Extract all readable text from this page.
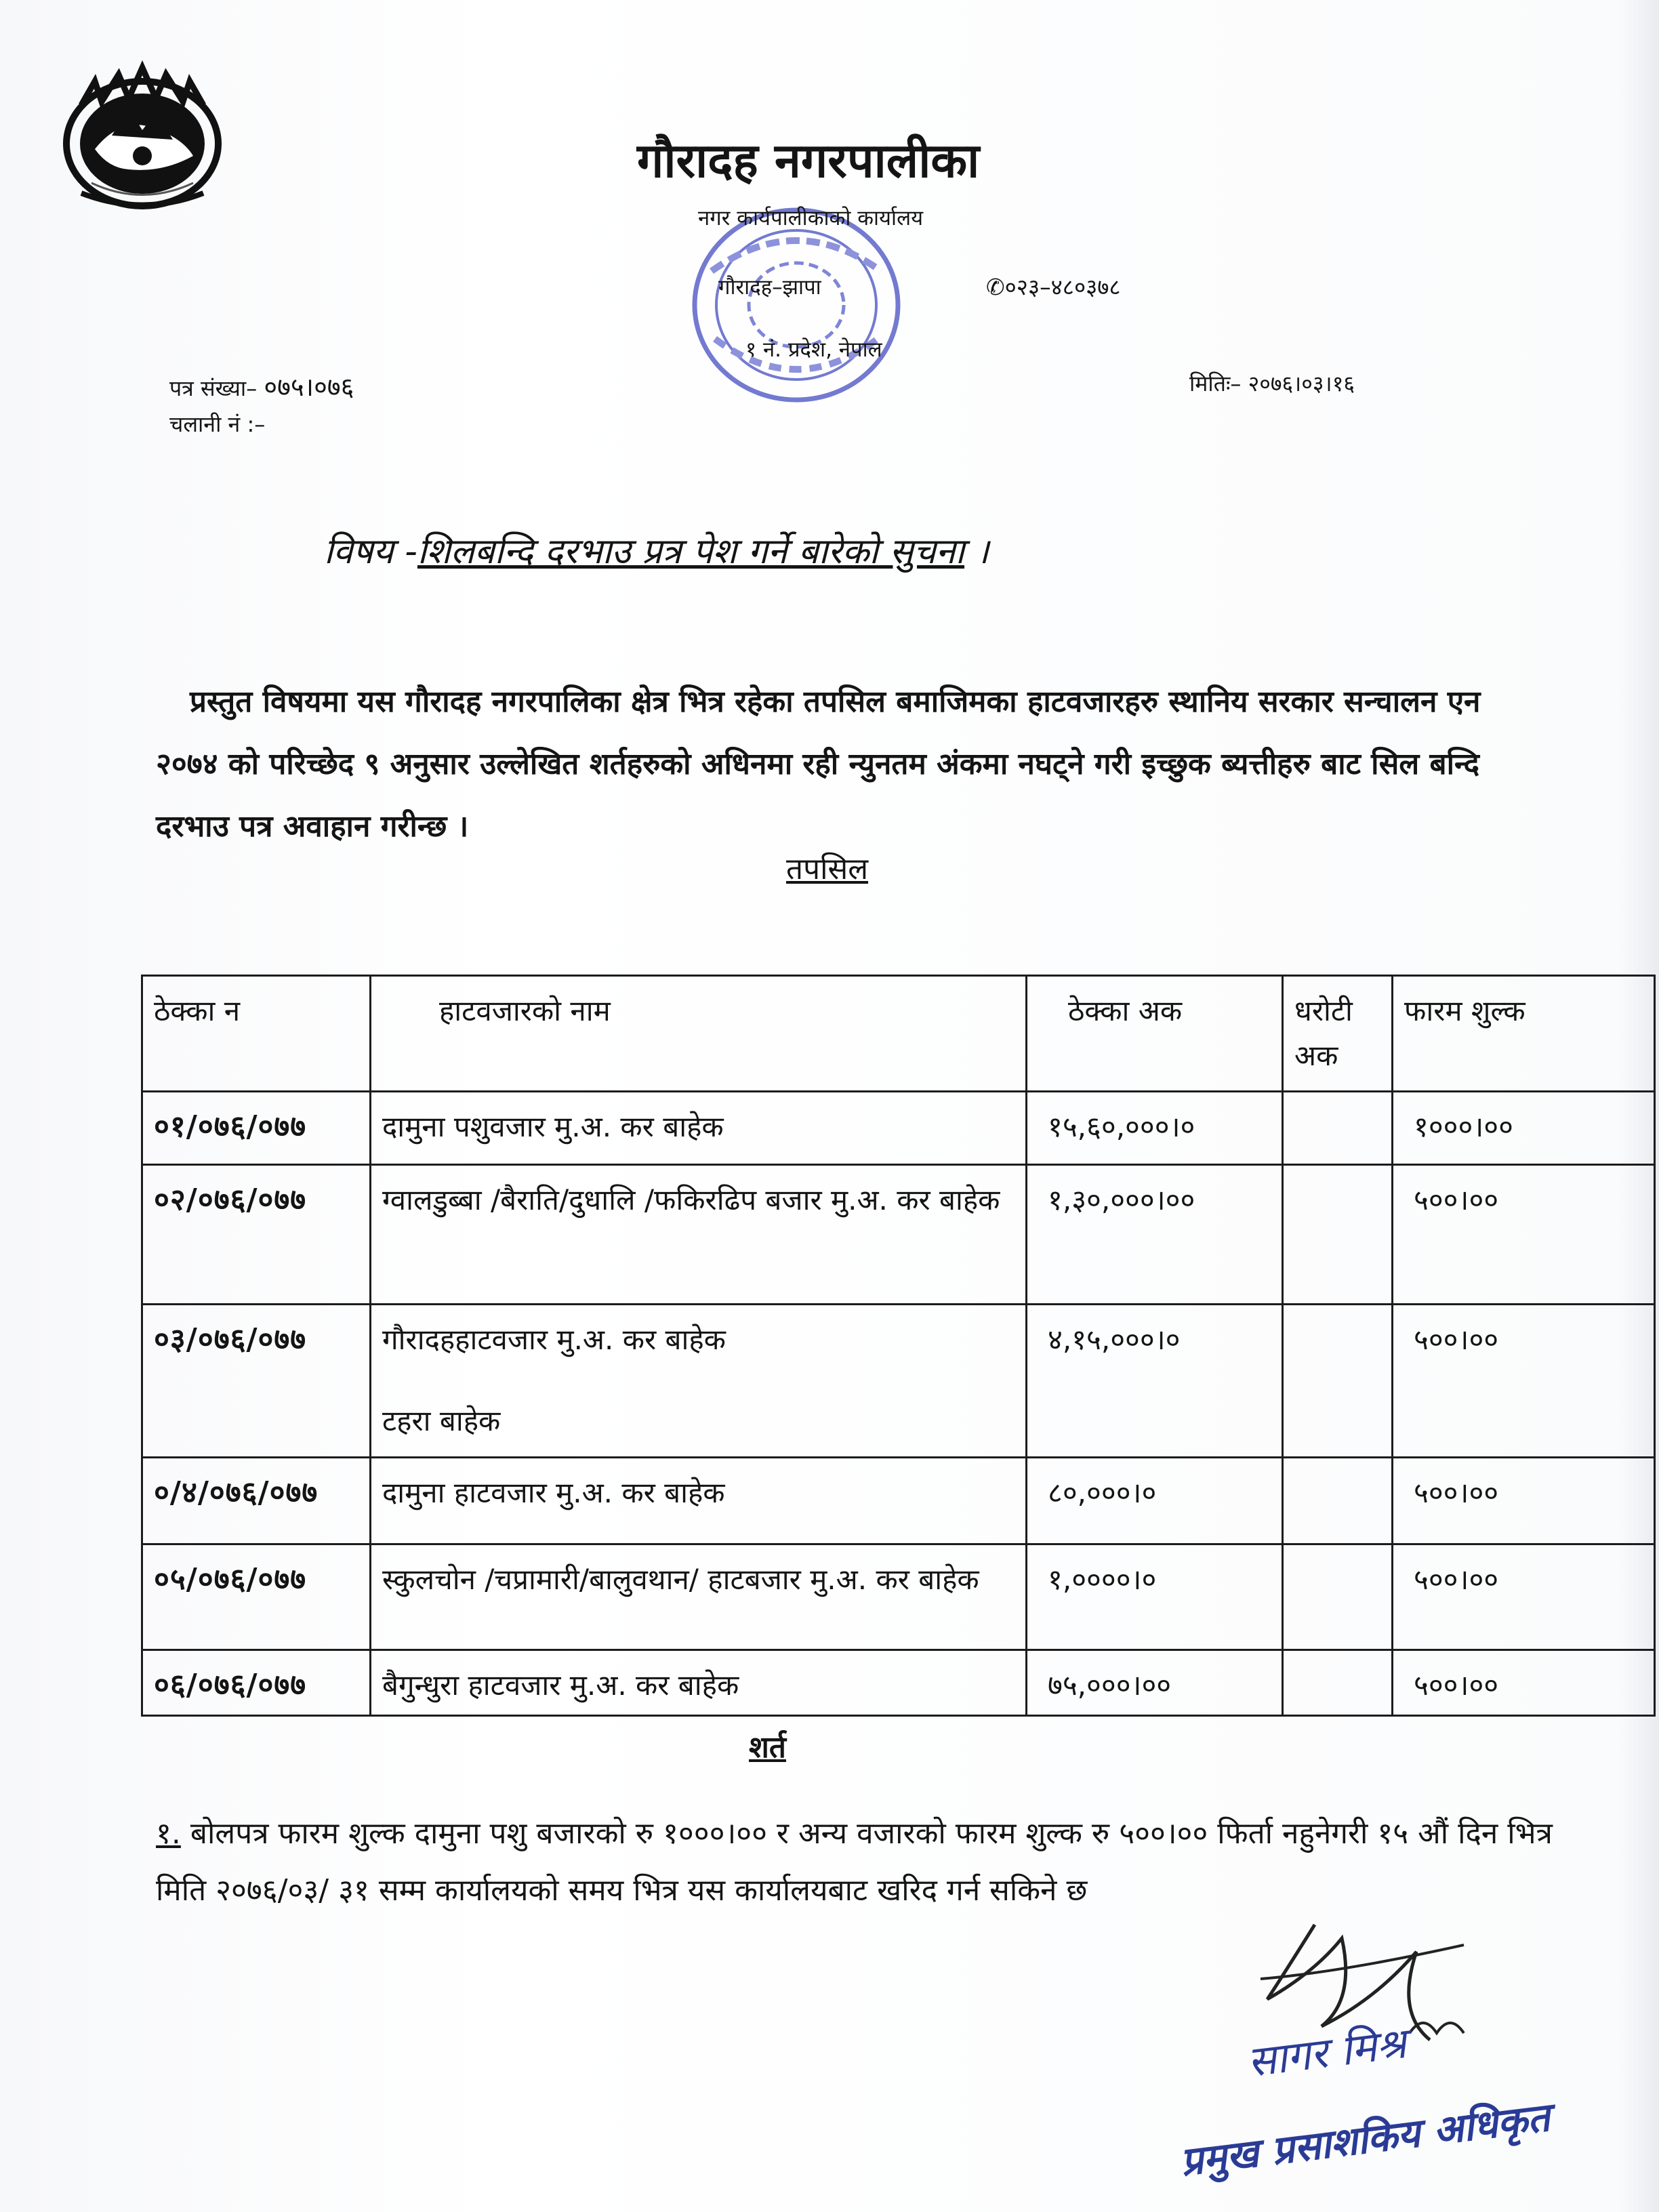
गौरादह नगरपालीका
नगर कार्यपालीकाको कार्यालय
गौरादह–झापा	✆०२३–४८०३७८
१ नं. प्रदेश, नेपाल
पत्र संख्या– ०७५।०७६
चलानी नं :–
मितिः– २०७६।०३।१६
विषय -शिलबन्दि दरभाउ प्रत्र पेश गर्ने बारेको सुचना ।
प्रस्तुत विषयमा यस गौरादह नगरपालिका क्षेत्र भित्र रहेका तपसिल बमाजिमका हाटवजारहरु स्थानिय सरकार सन्चालन एन २०७४ को परिच्छेद ९ अनुसार उल्लेखित शर्तहरुको अधिनमा रही न्युनतम अंकमा नघट्ने गरी इच्छुक ब्यत्तीहरु बाट सिल बन्दि दरभाउ पत्र अवाहान गरीन्छ ।
तपसिल
ठेक्का न	हाटवजारको नाम	ठेक्का अक	धरोटी अक	फारम शुल्क
०१/०७६/०७७	दामुना पशुवजार मु.अ. कर बाहेक	१५,६०,०००।०		१०००।००
०२/०७६/०७७	ग्वालडुब्बा /बैराति/दुधालि /फकिरढिप बजार मु.अ. कर बाहेक	१,३०,०००।००		५००।००
०३/०७६/०७७	गौरादहहाटवजार मु.अ. कर बाहेक
टहरा बाहेक	४,१५,०००।०		५००।००
०/४/०७६/०७७	दामुना हाटवजार मु.अ. कर बाहेक	८०,०००।०		५००।००
०५/०७६/०७७	स्कुलचोन /चप्रामारी/बालुवथान/ हाटबजार मु.अ. कर बाहेक	१,००००।०		५००।००
०६/०७६/०७७	बैगुन्धुरा हाटवजार मु.अ. कर बाहेक	७५,०००।००		५००।००
शर्त
१. बोलपत्र फारम शुल्क दामुना पशु बजारको रु १०००।०० र अन्य वजारको फारम शुल्क रु ५००।०० फिर्ता नहुनेगरी १५ औं दिन भित्र मिति २०७६/०३/ ३१ सम्म कार्यालयको समय भित्र यस कार्यालयबाट खरिद गर्न सकिने छ
सागर मिश्र
प्रमुख प्रसाशकिय अधिकृत
